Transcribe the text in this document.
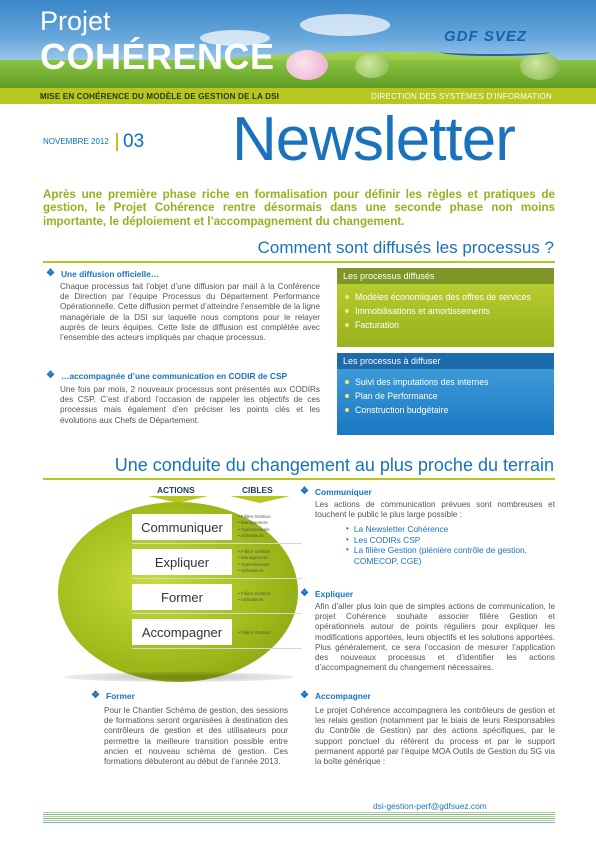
Projet
COHÉRENCE	GDF SVEZ
MISE EN COHÉRENCE DU MODÈLE DE GESTION DE LA DSI	DIRECTION DES SYSTÈMES D’INFORMATION
NOVEMBRE 2012 03 Newsletter
Après une première phase riche en formalisation pour définir les règles et pratiques de gestion, le Projet Cohérence rentre désormais dans une seconde phase non moins importante, le déploiement et l’accompagnement du changement.
Comment sont diffusés les processus ?
❖ Une diffusion officielle…
Chaque processus fait l’objet d’une diffusion par mail à la Conférence de Direction par l’équipe Processus du Département Performance Opérationnelle. Cette diffusion permet d’atteindre l’ensemble de la ligne managériale de la DSI sur laquelle nous comptons pour le relayer auprès de leurs équipes. Cette liste de diffusion est complétée avec l’ensemble des acteurs impliqués par chaque processus.
❖ …accompagnée d’une communication en CODIR de CSP
Une fois par mois, 2 nouveaux processus sont présentés aux CODIRs des CSP. C’est d’abord l’occasion de rappeler les objectifs de ces processus mais également d’en préciser les points clés et les évolutions aux Chefs de Département.
Les processus diffusés
Modèles économiques des offres de services
Immobilisations et amortissements
Facturation
Les processus à diffuser
Suivi des imputations des internes
Plan de Performance
Construction budgétaire
Une conduite du changement au plus proche du terrain
ACTIONS	CIBLES
Communiquer
Expliquer
Former
Accompagner
• Filière Gestion
• Management
• Opérationnels
• Utilisateurs
• Filière Gestion
• Management
• Opérationnels
• Utilisateurs
• Filière Gestion
• Utilisateurs
• Filière Gestion
❖ Communiquer
Les actions de communication prévues sont nombreuses et touchent le public le plus large possible :
• La Newsletter Cohérence
• Les CODIRs CSP
• La filière Gestion (plénière contrôle de gestion, COMECOP, CGE)
❖ Expliquer
Afin d’aller plus loin que de simples actions de communication, le projet Cohérence souhaite associer filière Gestion et opérationnels autour de points réguliers pour expliquer les modifications apportées, leurs objectifs et les solutions apportées. Plus généralement, ce sera l’occasion de mesurer l’application des nouveaux processus et d’identifier les actions d’accompagnement du changement nécessaires.
❖ Former
Pour le Chantier Schéma de gestion, des sessions de formations seront organisées à destination des contrôleurs de gestion et des utilisateurs pour permettre la meilleure transition possible entre ancien et nouveau schéma de gestion. Ces formations débuteront au début de l’année 2013.
❖ Accompagner
Le projet Cohérence accompagnera les contrôleurs de gestion et les relais gestion (notamment par le biais de leurs Responsables du Contrôle de Gestion) par des actions spécifiques, par le support ponctuel du référent du process et par le support permanent apporté par l’équipe MOA Outils de Gestion du SG via la boîte générique :
dsi-gestion-perf@gdfsuez.com
